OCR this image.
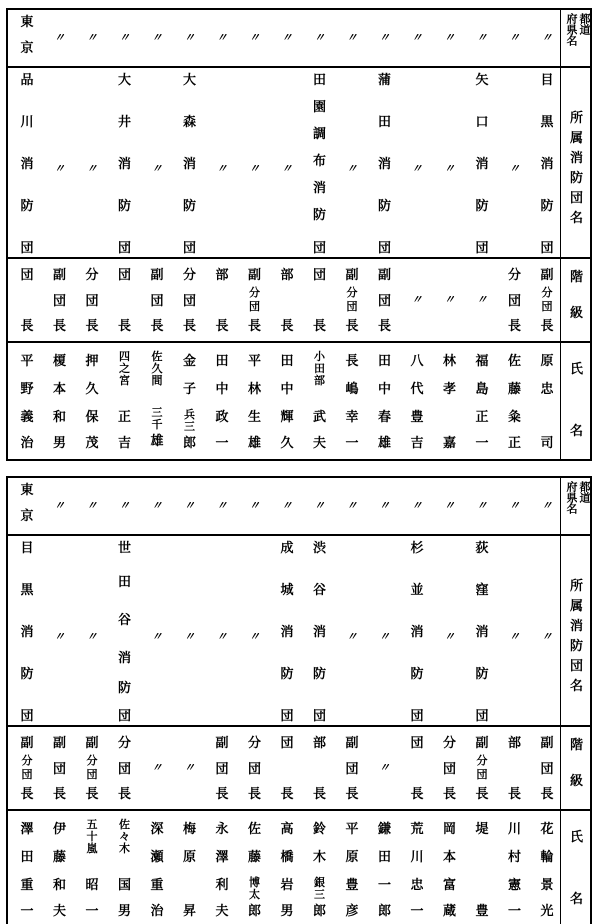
都道
府県名
〃
〃
〃
〃
〃
〃
〃
〃
〃
〃
〃
〃
〃
〃
〃
〃
東
京
所
属
消
防
団
名
目
黒
消
防
団
〃
矢
口
消
防
団
〃
〃
蒲
田
消
防
団
〃
田
園
調
布
消
防
団
〃
〃
〃
大
森
消
防
団
〃
大
井
消
防
団
〃
〃
品
川
消
防
団
階
級
副
分
団
長
分
団
長
〃
〃
〃
副
団
長
副
分
団
長
団
長
部
長
副
分
団
長
部
長
分
団
長
副
団
長
団
長
分
団
長
副
団
長
団
長
氏
名
原
忠
司
佐
藤
粂
正
福
島
正
一
林
孝
嘉
八
代
豊
吉
田
中
春
雄
長
嶋
幸
一
小
田
部
武
夫
田
中
輝
久
平
林
生
雄
田
中
政
一
金
子
兵
三
郎
佐
久
間
三
千
雄
四
之
宮
正
吉
押
久
保
茂
榎
本
和
男
平
野
義
治
都道
府県名
〃
〃
〃
〃
〃
〃
〃
〃
〃
〃
〃
〃
〃
〃
〃
〃
東
京
所
属
消
防
団
名
〃
〃
荻
窪
消
防
団
〃
杉
並
消
防
団
〃
〃
渋
谷
消
防
団
成
城
消
防
団
〃
〃
〃
〃
世
田
谷
消
防
団
〃
〃
目
黒
消
防
団
階
級
副
団
長
部
長
副
分
団
長
分
団
長
団
長
〃
副
団
長
部
長
団
長
分
団
長
副
団
長
〃
〃
分
団
長
副
分
団
長
副
団
長
副
分
団
長
氏
名
花
輪
景
光
川
村
憲
一
堤
豊
岡
本
富
蔵
荒
川
忠
一
鎌
田
一
郎
平
原
豊
彦
鈴
木
銀
三
郎
高
橋
岩
男
佐
藤
博
太
郎
永
澤
利
夫
梅
原
昇
深
瀬
重
治
佐
々
木
国
男
五
十
嵐
昭
一
伊
藤
和
夫
澤
田
重
一
